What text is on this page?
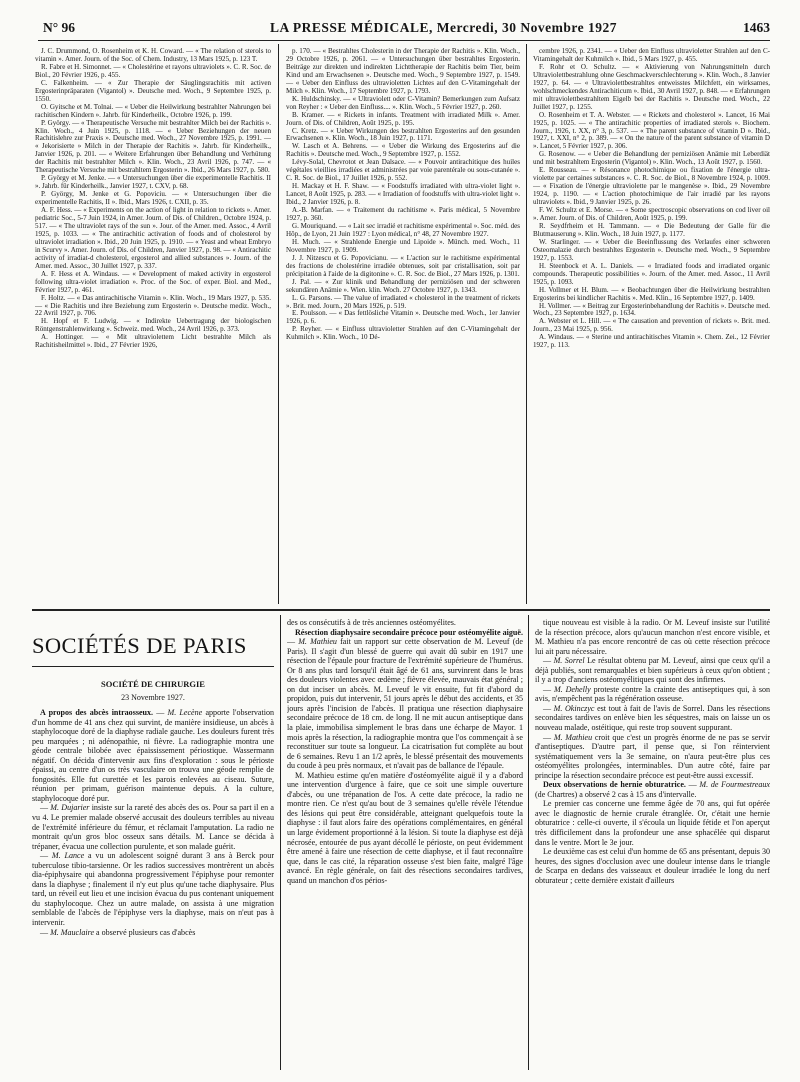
N° 96	LA PRESSE MÉDICALE, Mercredi, 30 Novembre 1927	1463

J. C. Drummond, O. Rosenheim et K. H. Coward. — « The relation of sterols to vitamin ». Amer. Journ. of the Soc. of Chem. Industry, 13 Mars 1925, p. 123 T.

R. Fabre et H. Simonnet. — « Cholestérine et rayons ultraviolets ». C. R. Soc. de Biol., 20 Février 1926, p. 455.

C. Falkenheim. — « Zur Therapie der Säuglingsrachitis mit activen Ergosterinpräparaten (Vigantol) ». Deutsche med. Woch., 9 Septembre 1925, p. 1550.

O. Gyitsche et M. Tolnai. — « Ueber die Heilwirkung bestrahlter Nahrungen bei rachitischen Kindern ». Jahrb. für Kinderheilk., Octobre 1926, p. 199.

P. György. — « Therapeutische Versuche mit bestrahlter Milch bei der Rachitis ». Klin. Woch., 4 Juin 1925, p. 1118. — « Ueber Beziehungen der neuen Rachitislehre zur Praxis ». Deutsche med. Woch., 27 Novembre 1925, p. 1991. — « Jekorisierte » Milch in der Therapie der Rachitis ». Jahrb. für Kinderheilk., Janvier 1926, p. 201. — « Weitere Erfahrungen über Behandlung und Verhütung der Rachitis mit bestrahlter Milch ». Klin. Woch., 23 Avril 1926, p. 747. — « Therapeutische Versuche mit bestrahltem Ergosterin ». Ibid., 26 Mars 1927, p. 580.

P. György et M. Jenke. — « Untersuchungen über die experimentelle Rachitis. II ». Jahrb. für Kinderheilk., Janvier 1927, t. CXV, p. 68.

P. György, M. Jenke et G. Popoviciu. — « Untersuchungen über die experimentelle Rachitis, II ». Ibid., Mars 1926, t. CXII, p. 35.

A. F. Hess. — « Experiments on the action of light in relation to rickets ». Amer. pediatric Soc., 5-7 Juin 1924, in Amer. Journ. of Dis. of Children., Octobre 1924, p. 517. — « The ultraviolet rays of the sun ». Jour. of the Amer. med. Assoc., 4 Avril 1925, p. 1033. — « The antirachitic activation of foods and of cholesterol by ultraviolet irradiation ». Ibid., 20 Juin 1925, p. 1910. — « Yeast and wheat Embryo in Scurvy ». Amer. Journ. of Dis. of Children, Janvier 1927, p. 98. — « Antirachitic activity of irradiat-d cholesterol, ergosterol and allied substances ». Journ. of the Amer. med. Assoc., 30 Juillet 1927, p. 337.

A. F. Hess et A. Windaus. — « Development of maked activity in ergosterol following ultra-violet irradiation ». Proc. of the Soc. of exper. Biol. and Med., Février 1927, p. 461.

F. Holtz. — « Das antirachitische Vitamin ». Klin. Woch., 19 Mars 1927, p. 535. — « Die Rachitis und ihre Beziehung zum Ergosterin ». Deutsche mediz. Woch., 22 Avril 1927, p. 706.

H. Hopf et F. Ludwig. — « Indirekte Uebertragung der biologischen Röntgenstrahlenwirkung ». Schweiz. med. Woch., 24 Avril 1926, p. 373.

A. Hottinger. — « Mit ultraviolettem Licht bestrahlte Milch als Rachitisheilmittel ». Ibid., 27 Février 1926,

p. 170. — « Bestrahltes Cholesterin in der Therapie der Rachitis ». Klin. Woch., 29 Octobre 1926, p. 2061. — « Untersuchungen über bestrahltes Ergosterin. Beiträge zur direkten und indirekten Lichttherapie der Rachitis beim Tier, beim Kind und am Erwachsenen ». Deutsche med. Woch., 9 Septembre 1927, p. 1549. — « Ueber den Einfluss des ultravioletten Lichtes auf den C-Vitamingehalt der Milch ». Klin. Woch., 17 Septembre 1927, p. 1793.

K. Huldschinsky. — « Ultraviolett oder C-Vitamin? Bemerkungen zum Aufsatz von Reyher : « Ueber den Einfluss.... ». Klin. Woch., 5 Février 1927, p. 260.

B. Kramer. — « Rickets in infants. Treatment with irradiated Milk ». Amer. Journ. of Dis. of Children, Août 1925, p. 195.

C. Kretz. — « Ueber Wirkungen des bestrahlten Ergosterins auf den gesunden Erwachsenen ». Klin. Woch., 18 Juin 1927, p. 1171.

W. Lasch et A. Behrens. — « Ueber die Wirkung des Ergosterins auf die Rachitis ». Deutsche med. Woch., 9 Septembre 1927, p. 1552.

Lévy-Solal, Chevrotot et Jean Dalsace. — « Pouvoir antirachitique des huiles végétales vieillies irradiées et administrées par voie parentérale ou sous-cutanée ». C. R. Soc. de Biol., 17 Juillet 1926, p. 552.

H. Mackay et H. F. Shaw. — « Foodstuffs irradiated with ultra-violet light ». Lancet, 8 Août 1925, p. 283. — « Irradiation of foodstuffs with ultra-violet light ». Ibid., 2 Janvier 1926, p. 8.

A.-B. Marfan. — « Traitement du rachitisme ». Paris médical, 5 Novembre 1927, p. 360.

G. Mouriquand. — « Lait sec irradié et rachitisme expérimental ». Soc. méd. des Hôp., de Lyon, 21 Juin 1927 : Lyon médical, n° 48, 27 Novembre 1927.

H. Much. — « Strahlende Energie und Lipoide ». Münch. med. Woch., 11 Novembre 1927, p. 1909.

J. J. Nitzescu et G. Popovicianu. — « L'action sur le rachitisme expérimental des fractions de cholestérine irradiée obtenues, soit par cristallisation, soit par précipitation à l'aide de la digitonine ». C. R. Soc. de Biol., 27 Mars 1926, p. 1301.

J. Pal. — « Zur klinik und Behandlung der perniziösen und der schweren sekundären Anämie ». Wien. klin. Woch. 27 Octobre 1927, p. 1343.

L. G. Parsons. — The value of irradiated « cholesterol in the treatment of rickets ». Brit. med. Journ., 20 Mars 1926, p. 519.

E. Poulsson. — « Das fettlösliche Vitamin ». Deutsche med. Woch., 1er Janvier 1926, p. 6.

P. Reyher. — « Einfluss ultravioletter Strahlen auf den C-Vitamingehalt der Kuhmilch ». Klin. Woch., 10 Dé-

cembre 1926, p. 2341. — « Ueber den Einfluss ultravioletter Strahlen auf den C-Vitamingehalt der Kuhmilch ». Ibid., 5 Mars 1927, p. 455.

F. Rohr et O. Schultz. — « Aktivierung von Nahrungsmitteln durch Ultraviolettbestrahlung ohne Geschmackverschlechterung ». Klin. Woch., 8 Janvier 1927, p. 64. — « Ultraviolettbestrahltes entweisstes Milchfett, ein wirksames, wohlschmeckendes Antirachiticum ». Ibid., 30 Avril 1927, p. 848. — « Erfahrungen mit ultraviolettbestrahltem Eigelb bei der Rachitis ». Deutsche med. Woch., 22 Juillet 1927, p. 1255.

O. Rosenheim et T. A. Webster. — « Rickets and cholesterol ». Lancet, 16 Mai 1925, p. 1025. — « The antirachitic properties of irradiated sterols ». Biochem. Journ., 1926, t. XX, n° 3, p. 537. — « The parent substance of vitamin D ». Ibid., 1927, t. XXI, n° 2, p. 389. — « On the nature of the parent substance of vitamin D ». Lancet, 5 Février 1927, p. 306.

G. Rosenow. — « Ueber die Behandlung der perniziösen Anämie mit Leberdiät und mit bestrahltem Ergosterin (Vigantol) ». Klin. Woch., 13 Août 1927, p. 1560.

E. Rousseau. — « Résonance photochimique ou fixation de l'énergie ultra-violette par certaines substances ». C. R. Soc. de Biol., 8 Novembre 1924, p. 1009. — « Fixation de l'énergie ultraviolette par le mangenèse ». Ibid., 29 Novembre 1924, p. 1190. — « L'action photochimique de l'air irradié par les rayons ultraviolets ». Ibid., 9 Janvier 1925, p. 26.

F. W. Schultz et E. Morse. — « Some spectroscopic observations on cod liver oil ». Amer. Journ. of Dis. of Children, Août 1925, p. 199.

R. Seydfrheim et H. Tammann. — « Die Bedeutung der Galle für die Blutmauserung ». Klin. Woch., 18 Juin 1927, p. 1177.

W. Starlinger. — « Ueber die Beeinflussung des Verlaufes einer schweren Osteomalazie durch bestrahltes Ergosterin ». Deutsche med. Woch., 9 Septembre 1927, p. 1553.

H. Steenbock et A. L. Daniels. — « Irradiated foods and irradiated organic compounds. Therapeutic possibilities ». Journ. of the Amer. med. Assoc., 11 Avril 1925, p. 1093.

H. Vollmer et H. Blum. — « Beobachtungen über die Heilwirkung bestrahlten Ergosterins bei kindlicher Rachitis ». Med. Klin., 16 Septembre 1927, p. 1409.

H. Vollmer. — « Beitrag zur Ergosterinbehandlung der Rachitis ». Deutsche med. Woch., 23 Septembre 1927, p. 1634.

A. Webster et L. Hill. — « The causation and prevention of rickets ». Brit. med. Journ., 23 Mai 1925, p. 956.

A. Windaus. — « Sterine und antirachitisches Vitamin ». Chem. Zei., 12 Février 1927, p. 113.

SOCIÉTÉS DE PARIS
SOCIÉTÉ DE CHIRURGIE
23 Novembre 1927.

A propos des abcès intraosseux. — M. Lecène apporte l'observation d'un homme de 41 ans chez qui survint, de manière insidieuse, un abcès à staphylocoque doré de la diaphyse radiale gauche. Les douleurs furent très peu marquées ; ni adénopathie, ni fièvre. La radiographie montra une géode centrale bilobée avec épaississement périostique. Wassermann négatif. On décida d'intervenir aux fins d'exploration : sous le périoste épaissi, au centre d'un os très vasculaire on trouva une géode remplie de fongosités. Elle fut curettée et les parois enlevées au ciseau. Suture, réunion per primam, guérison maintenue depuis. A la culture, staphylocoque doré pur.

— M. Dujarier insiste sur la rareté des abcès des os. Pour sa part il en a vu 4. Le premier malade observé accusait des douleurs terribles au niveau de l'extrémité inférieure du fémur, et réclamait l'amputation. La radio ne montrait qu'un gros bloc osseux sans détails. M. Lance se décida à trépaner, évacua une collection purulente, et son malade guérit.

— M. Lance a vu un adolescent soigné durant 3 ans à Berck pour tuberculose tibio-tarsienne. Or les radios successives montrèrent un abcès dia-épiphysaire qui abandonna progressivement l'épiphyse pour remonter dans la diaphyse ; finalement il n'y eut plus qu'une tache diaphysaire. Plus tard, un réveil eut lieu et une incision évacua du pus contenant uniquement du staphylocoque. Chez un autre malade, on assista à une migration semblable de l'abcès de l'épiphyse vers la diaphyse, mais on n'eut pas à intervenir.

— M. Mauclaire a observé plusieurs cas d'abcès

des os consécutifs à de très anciennes ostéomyélites.

Résection diaphysaire secondaire précoce pour ostéomyélite aiguë. — M. Mathieu fait un rapport sur cette observation de M. Leveuf (de Paris). Il s'agit d'un blessé de guerre qui avait dû subir en 1917 une résection de l'épaule pour fracture de l'extrémité supérieure de l'humérus. Or 8 ans plus tard lorsqu'il était âgé de 61 ans, survinrent dans le bras des douleurs violentes avec œdème ; fièvre élevée, mauvais état général ; on dut inciser un abcès. M. Leveuf le vit ensuite, fut fit d'abord du propidon, puis dut intervenir, 51 jours après le début des accidents, et 35 jours après l'incision de l'abcès. Il pratiqua une résection diaphysaire secondaire précoce de 18 cm. de long. Il ne mit aucun antiseptique dans la plaie, immobilisa simplement le bras dans une écharpe de Mayor. 1 mois après la résection, la radiographie montra que l'os commençait à se reconstituer sur toute sa longueur. La cicatrisation fut complète au bout de 6 semaines. Revu 1 an 1/2 après, le blessé présentait des mouvements du coude à peu près normaux, et n'avait pas de ballance de l'épaule.

M. Mathieu estime qu'en matière d'ostéomyélite aiguë il y a d'abord une intervention d'urgence à faire, que ce soit une simple ouverture d'abcès, ou une trépanation de l'os. A cette date précoce, la radio ne montre rien. Ce n'est qu'au bout de 3 semaines qu'elle révèle l'étendue des lésions qui peut être considérable, atteignant quelquefois toute la diaphyse : il faut alors faire des opérations complémentaires, en général un large évidement proportionné à la lésion. Si toute la diaphyse est déjà nécrosée, entourée de pus ayant décollé le périoste, on peut évidemment être amené à faire une résection de cette diaphyse, et il faut reconnaître que, dans le cas cité, la réparation osseuse s'est bien faite, malgré l'âge avancé. En règle générale, on fait des résections secondaires tardives, quand un manchon d'os périos-

tique nouveau est visible à la radio. Or M. Leveuf insiste sur l'utilité de la résection précoce, alors qu'aucun manchon n'est encore visible, et M. Mathieu n'a pas encore rencontré de cas où cette résection précoce lui ait paru nécessaire.

— M. Sorrel Le résultat obtenu par M. Leveuf, ainsi que ceux qu'il a déjà publiés, sont remarquables et bien supérieurs à ceux qu'on obtient ; il y a trop d'anciens ostéomyélitiques qui sont des infirmes.

— M. Dehelly proteste contre la crainte des antiseptiques qui, à son avis, n'empêchent pas la régénération osseuse.

— M. Okinczyc est tout à fait de l'avis de Sorrel. Dans les résections secondaires tardives on enlève bien les séquestres, mais on laisse un os nouveau malade, ostéitique, qui reste trop souvent suppurant.

— M. Mathieu croit que c'est un progrès énorme de ne pas se servir d'antiseptiques. D'autre part, il pense que, si l'on réintervient systématiquement vers la 3e semaine, on n'aura peut-être plus ces ostéomyélites prolongées, interminables. D'un autre côté, faire par principe la résection secondaire précoce est peut-être aussi excessif.

Deux observations de hernie obturatrice. — M. de Fourmestreaux (de Chartres) a observé 2 cas à 15 ans d'intervalle.

Le premier cas concerne une femme âgée de 70 ans, qui fut opérée avec le diagnostic de hernie crurale étranglée. Or, c'était une hernie obturatrice : celle-ci ouverte, il s'écoula un liquide fétide et l'on aperçut très difficilement dans la profondeur une anse sphacélée qui disparut dans le ventre. Mort le 3e jour.

Le deuxième cas est celui d'un homme de 65 ans présentant, depuis 30 heures, des signes d'occlusion avec une douleur intense dans le triangle de Scarpa en dedans des vaisseaux et douleur irradiée le long du nerf obturateur ; cette dernière existait d'ailleurs
